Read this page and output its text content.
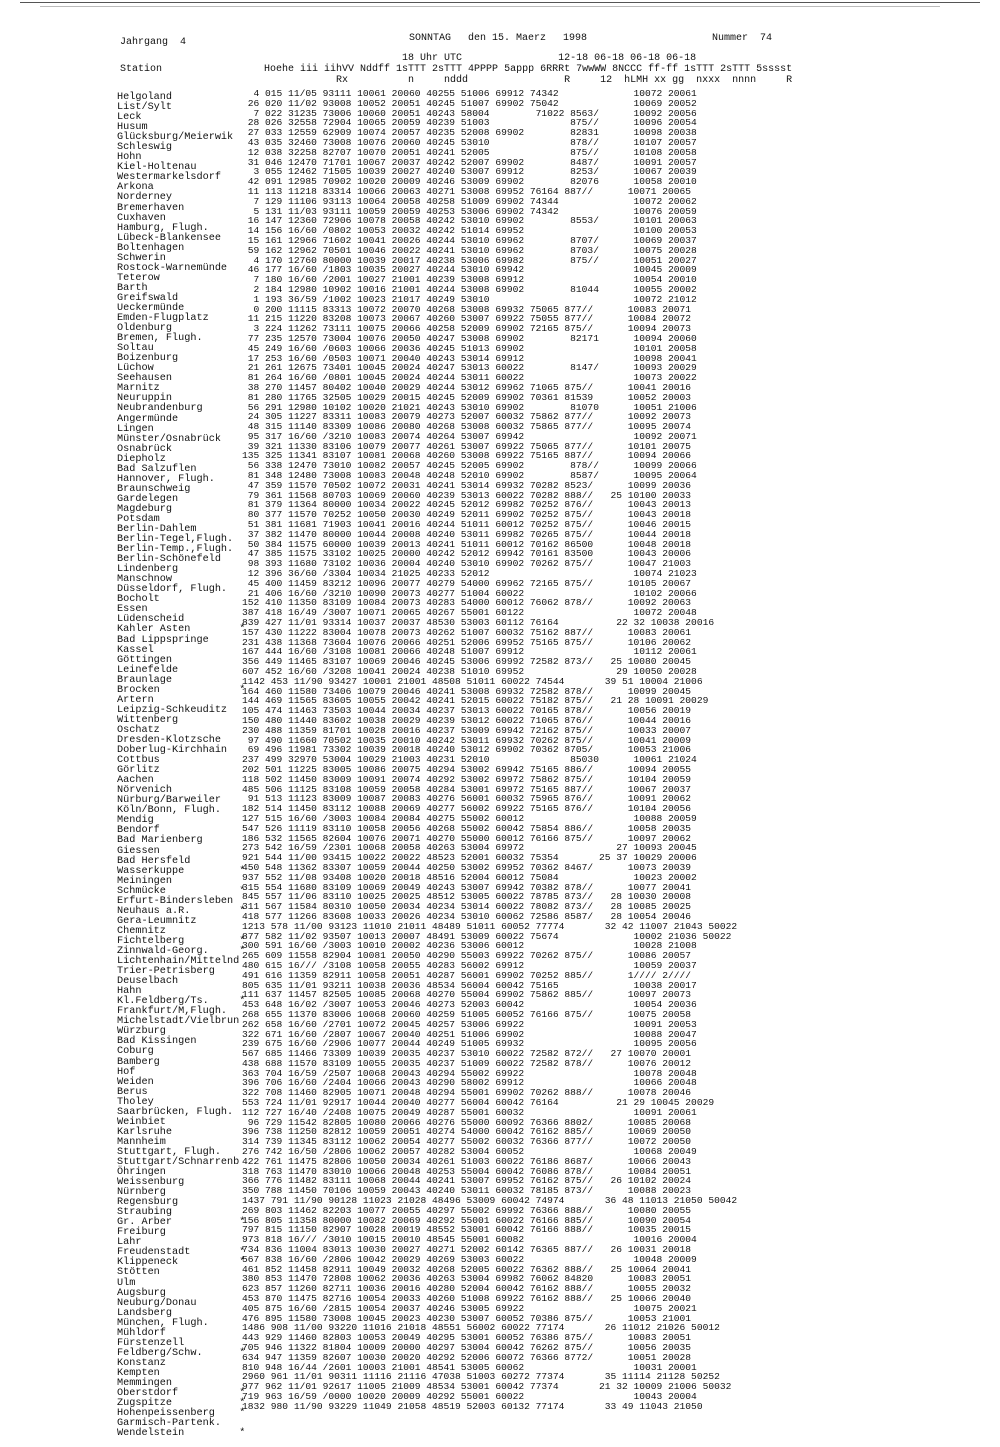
Jahrgang  4	SONNTAG den 15. Maerz 1998	Nummer  74
18 Uhr UTC                12-18 06-18 06-18 06-18
Station                 Hoehe iii iihVV Nddff 1sTTT 2sTTT 4PPPP 5appp 6RRRt 7wwWW 8NCCC ff-ff 1sTTT 2sTTT 5sssst
Rx          n     nddd                R     12  hLMH xx gg  nxxx  nnnn     R
Helgoland
List/Sylt
Leck
Husum
Glücksburg/Meierwik
Schleswig
Hohn
Kiel-Holtenau
Westermarkelsdorf
Arkona
Norderney
Bremerhaven
Cuxhaven
Hamburg, Flugh.
Lübeck-Blankensee
Boltenhagen
Schwerin
Rostock-Warnemünde
Teterow
Barth
Greifswald
Ueckermünde
Emden-Flugplatz
Oldenburg
Bremen, Flugh.
Soltau
Boizenburg
Lüchow
Seehausen
Marnitz
Neuruppin
Neubrandenburg
Angermünde
Lingen
Münster/Osnabrück
Osnabrück
Diepholz
Bad Salzuflen
Hannover, Flugh.
Braunschweig
Gardelegen
Magdeburg
Potsdam
Berlin-Dahlem
Berlin-Tegel,Flugh.
Berlin-Temp.,Flugh.
Berlin-Schönefeld
Lindenberg
Manschnow
Düsseldorf, Flugh.
Bocholt
Essen
Lüdenscheid
Kahler Asten        *
Bad Lippspringe
Kassel
Göttingen
Leinefelde
Braunlage
Brocken             *
Artern
Leipzig-Schkeuditz
Wittenberg
Oschatz
Dresden-Klotzsche
Doberlug-Kirchhain
Cottbus
Görlitz
Aachen
Nörvenich
Nürburg/Barweiler
Köln/Bonn, Flugh.
Mendig
Bendorf
Bad Marienberg
Giessen
Bad Hersfeld
Wasserkuppe         *
Meiningen
Schmücke            *
Erfurt-Bindersleben
Neuhaus a.R.        *
Gera-Leumnitz
Chemnitz
Fichtelberg         *
Zinnwald-Georg.     *
Lichtenhain/Mittelnd
Trier-Petrisberg
Deuselbach
Hahn
Kl.Feldberg/Ts.     *
Frankfurt/M,Flugh.
Michelstadt/Vielbrun
Würzburg
Bad Kissingen
Coburg
Bamberg
Hof
Weiden
Berus
Tholey
Saarbrücken, Flugh.
Weinbiet
Karlsruhe
Mannheim
Stuttgart, Flugh.
Stuttgart/Schnarrenb
Öhringen
Weissenburg
Nürnberg
Regensburg
Straubing
Gr. Arber           *
Freiburg
Lahr
Freudenstadt        *
Klippeneck          *
Stötten
Ulm
Augsburg
Neuburg/Donau
Landsberg
München, Flugh.
Mühldorf
Fürstenzell
Feldberg/Schw.      *
Konstanz
Kempten
Memmingen
Oberstdorf          *
Zugspitze           *
Hohenpeissenberg    *
Garmisch-Partenk.
Wendelstein         *
4 015 11/05 93111 10061 20060 40255 51006 69912 74342             10072 20061
26 020 11/02 93008 10052 20051 40245 51007 69902 75042             10069 20052
7 022 31235 73006 10060 20051 40243 58004        71022 8563/      10092 20056
28 026 32558 72904 10065 20059 40239 51003              875//      10096 20054
27 033 12559 62909 10074 20057 40235 52008 69902        82831      10098 20038
43 035 32460 73008 10076 20060 40245 53010              878//      10107 20057
12 038 32258 82707 10070 20051 40241 52005              875//      10108 20058
31 046 12470 71701 10067 20037 40242 52007 69902        8487/      10091 20057
3 055 12462 71505 10039 20027 40240 53007 69912        8253/      10067 20039
42 091 12985 70902 10020 20009 40246 53009 69902        82076      10058 20010
11 113 11218 83314 10066 20063 40271 53008 69952 76164 887//      10071 20065
7 129 11106 93113 10064 20058 40258 51009 69902 74344             10072 20062
5 131 11/03 93111 10059 20059 40253 53006 69902 74342             10076 20059
16 147 12360 72906 10078 20058 40242 53010 69902        8553/      10101 20063
14 156 16/60 /0802 10053 20032 40242 51014 69952                   10100 20053
15 161 12966 71602 10041 20026 40244 53010 69962        8707/      10069 20037
59 162 12962 70501 10046 20022 40241 53010 69962        8703/      10075 20028
4 170 12760 80000 10039 20017 40238 53006 69982        875//      10051 20027
46 177 16/60 /1803 10035 20027 40244 53010 69942                   10045 20009
7 180 16/60 /2001 10027 21001 40239 53008 69912                   10054 20010
2 184 12980 10902 10016 21001 40244 53008 69902        81044      10055 20002
1 193 36/59 /1002 10023 21017 40249 53010                         10072 21012
0 200 11115 83313 10072 20070 40268 53008 69932 75065 877//      10083 20071
11 215 11220 83208 10073 20067 40260 53007 69922 75055 877//      10084 20072
3 224 11262 73111 10075 20066 40258 52009 69902 72165 875//      10094 20073
77 235 12570 73004 10076 20050 40247 53008 69902        82171      10094 20060
45 249 16/60 /0603 10066 20036 40245 51013 69902                   10101 20058
17 253 16/60 /0503 10071 20040 40243 53014 69912                   10098 20041
21 261 12675 73401 10045 20024 40247 53013 60022        8147/      10093 20029
81 264 16/60 /0801 10045 20024 40244 53011 60022                   10073 20022
38 270 11457 80402 10040 20029 40244 53012 69962 71065 875//      10041 20016
81 280 11765 32505 10029 20015 40245 52009 69902 70361 81539      10052 20003
56 291 12980 10102 10020 21021 40243 53010 69902        81070      10051 21006
24 305 11227 83311 10083 20079 40273 52007 60032 75862 877//      10092 20073
48 315 11140 83309 10086 20080 40268 53008 60032 75865 877//      10095 20074
95 317 16/60 /3210 10083 20074 40264 53007 69942                   10092 20071
39 321 11330 83106 10079 20077 40261 53007 69922 75065 877//      10101 20075
135 325 11341 83107 10081 20068 40260 53008 69922 75165 887//      10094 20066
56 338 12470 73010 10082 20057 40245 52005 69902        878//      10099 20066
81 348 12480 73008 10083 20048 40248 52010 69902        8587/      10095 20064
47 359 11570 70502 10072 20031 40241 53014 69932 70282 8523/      10099 20036
79 361 11568 80703 10069 20060 40239 53013 60022 70282 888//   25 10100 20033
81 379 11364 80000 10034 20022 40245 52012 69982 70252 876//      10043 20013
80 377 11570 70252 10050 20030 40249 52011 69902 70252 875//      10043 20018
51 381 11681 71903 10041 20016 40244 51011 60012 70252 875//      10046 20015
37 382 11470 80000 10044 20008 40240 53011 69982 70265 875//      10044 20018
50 384 11575 60000 10039 20013 40241 51011 60012 70162 86500      10048 20018
47 385 11575 33102 10025 20000 40242 52012 69942 70161 83500      10043 20006
98 393 11680 73102 10036 20004 40240 53010 69902 70262 875//      10047 21003
12 396 36/60 /3304 10034 21025 40233 52012                         10074 21023
45 400 11459 83212 10096 20077 40279 54000 69962 72165 875//      10105 20067
21 406 16/60 /3210 10090 20073 40277 51004 60022                   10102 20066
152 410 11350 83109 10084 20073 40283 54000 60012 76062 878//      10092 20063
387 418 16/49 /3007 10071 20065 40267 55001 60122                   10072 20048
839 427 11/01 93314 10037 20037 48530 53003 60112 76164          22 32 10038 20016
157 430 11222 83004 10078 20073 40262 51007 60032 75162 887//      10083 20061
231 438 11368 73604 10076 20066 40251 52006 69952 75165 875//      10106 20062
167 444 16/60 /3108 10081 20066 40248 51007 69912                   10112 20061
356 449 11465 83107 10069 20046 40245 53006 69992 72582 873//   25 10080 20045
607 452 16/60 /3208 10041 20024 40238 51010 69952                29 10050 20028
1142 453 11/90 93427 10001 21001 48508 51011 60022 74544       39 51 10004 21006
164 460 11580 73406 10079 20046 40241 53008 69932 72582 878//      10099 20045
144 469 11565 83605 10055 20042 40241 52015 60022 75182 875//   21 28 10091 20029
105 474 11463 73503 10044 20034 40237 53013 60022 70165 878//      10056 20019
150 480 11440 83602 10038 20029 40239 53012 60022 71065 876//      10044 20016
230 488 11359 81701 10028 20016 40237 53009 69942 72162 875//      10033 20007
97 490 11660 70502 10035 20010 40242 53011 69932 70262 875//      10041 20009
69 496 11981 73302 10039 20018 40240 53012 69902 70362 8705/      10053 21006
237 499 32970 53004 10029 21003 40231 52010              85030      10061 21024
202 501 11225 83005 10086 20075 40294 53002 69942 75165 886//      10094 20055
118 502 11450 83009 10091 20074 40292 53002 69972 75862 875//      10104 20059
485 506 11125 83108 10059 20058 40284 53001 69972 75165 887//      10067 20037
91 513 11123 83009 10087 20083 40276 56001 60032 75965 876//      10091 20062
182 514 11450 83112 10088 20069 40277 56002 69922 75165 876//      10104 20056
127 515 16/60 /3003 10084 20084 40275 55002 60012                   10088 20059
547 526 11119 83110 10058 20056 40268 55002 60042 75854 886//      10058 20035
186 532 11565 82604 10076 20071 40270 55000 60012 76166 875//      10097 20062
273 542 16/59 /2301 10068 20058 40263 53004 69972                27 10093 20045
921 544 11/00 93415 10022 20022 48523 52001 60032 75354       25 37 10029 20006
450 548 11362 83307 10059 20044 40250 53002 69952 70362 8467/      10073 20039
937 552 11/08 93408 10020 20018 48516 52004 60012 75084             10023 20002
315 554 11680 83109 10069 20049 40243 53007 69942 70382 878//      10077 20041
845 557 11/06 83110 10025 20025 48512 53005 60022 78785 873//   28 10030 20008
311 567 11584 80310 10050 20034 40234 53014 60022 78082 873//   28 10085 20025
418 577 11266 83608 10033 20026 40234 53010 60062 72586 8587/   28 10054 20046
1213 578 11/00 93123 11010 21011 48489 51011 60052 77774       32 42 11007 21043 50022
877 582 11/02 93507 10013 20007 48491 53009 60022 75674             10002 21036 50022
300 591 16/60 /3003 10010 20002 40236 53006 60012                   10028 21008
265 609 11558 82904 10081 20050 40290 55003 69922 70262 875//      10086 20057
480 615 16/// /3108 10058 20055 40283 56002 69912                   10059 20037
491 616 11359 82911 10058 20051 40287 56001 69902 70252 885//      1//// 2////
805 635 11/01 93211 10038 20036 48534 56004 60042 75165             10038 20017
111 637 11457 82505 10085 20068 40270 55004 69902 75862 885//      10097 20073
453 648 16/02 /3007 10053 20046 40273 52003 60042                   10054 20036
268 655 11370 83006 10068 20060 40259 51005 60052 76166 875//      10075 20058
262 658 16/60 /2701 10072 20045 40257 53006 69922                   10091 20053
322 671 16/60 /2807 10067 20040 40251 51006 69902                   10088 20047
239 675 16/60 /2906 10077 20044 40249 51005 69932                   10095 20056
567 685 11466 73309 10039 20035 40237 53010 60022 72582 872//   27 10070 20001
438 688 11570 83109 10055 20035 40237 51009 60022 72582 878//      10076 20012
363 704 16/59 /2507 10068 20043 40294 55002 69922                   10078 20048
396 706 16/60 /2404 10066 20043 40290 58002 69912                   10066 20048
322 708 11460 82905 10071 20048 40294 55001 69902 70262 888//      10078 20046
553 724 11/01 92917 10044 20040 40277 56004 60042 76164          21 29 10045 20029
112 727 16/40 /2408 10075 20049 40287 55001 60032                   10091 20061
96 729 11542 82805 10080 20066 40276 55000 60092 76366 8802/      10085 20068
396 738 11250 82812 10059 20051 40274 54000 60042 76162 885//      10069 20050
314 739 11345 83112 10062 20054 40277 55002 60032 76366 877//      10072 20050
276 742 16/50 /2806 10062 20057 40282 53004 60052                   10068 20049
422 761 11475 82806 10050 20034 40261 51003 60022 76186 8687/      10066 20043
318 763 11470 83010 10066 20048 40253 55004 60042 76086 878//      10084 20051
366 776 11482 83111 10068 20044 40241 53007 69952 76162 875//   26 10102 20024
350 788 11450 70106 10059 20043 40240 53011 60032 78185 873//      10088 20023
1437 791 11/90 90128 11023 21028 48496 53009 60042 74974       36 48 11013 21050 50042
269 803 11462 82203 10077 20055 40297 55002 69992 76366 888//      10080 20055
156 805 11358 80000 10082 20069 40292 55001 60022 76166 885//      10090 20054
797 815 11150 82907 10028 20019 48552 53001 60042 76166 888//      10035 20015
973 818 16/// /3010 10015 20010 48545 55001 60082                   10016 20004
734 836 11004 83013 10030 20027 40271 52002 60142 76365 887//   26 10031 20018
567 838 16/60 /2806 10042 20029 40269 53003 60022                   10048 20009
461 852 11458 82911 10049 20032 40268 52005 60022 76362 888//   25 10064 20041
380 853 11470 72808 10062 20036 40263 53004 69982 76062 84820      10083 20051
623 857 11260 82711 10036 20016 40280 52004 60042 76162 888//      10055 20032
453 870 11475 82716 10054 20033 40260 51008 69922 76162 888//   25 10066 20040
405 875 16/60 /2815 10054 20037 40246 53005 69922                   10075 20021
476 895 11580 73008 10045 20023 40230 53007 60052 70386 875//      10053 21001
1486 908 11/00 93220 11016 21018 48551 56002 60022 77174       26 11012 21026 50012
443 929 11460 82803 10053 20049 40295 53001 60052 76386 875//      10083 20051
705 946 11322 81804 10009 20000 40297 53004 60042 76262 875//      10056 20035
634 947 11359 82607 10030 20020 40292 52006 60072 76366 8772/      10051 20028
810 948 16/44 /2601 10003 21001 48541 53005 60062                   10031 20001
2960 961 11/01 90311 11116 21116 47038 51003 60272 77374       35 11114 21128 50252
977 962 11/01 92617 11005 21009 48534 53001 60042 77374       21 32 10009 21006 50032
719 963 16/59 /0000 10020 20009 40292 55001 60022                   10043 20004
1832 980 11/90 93229 11049 21058 48519 52003 60132 77174       33 49 11043 21050
